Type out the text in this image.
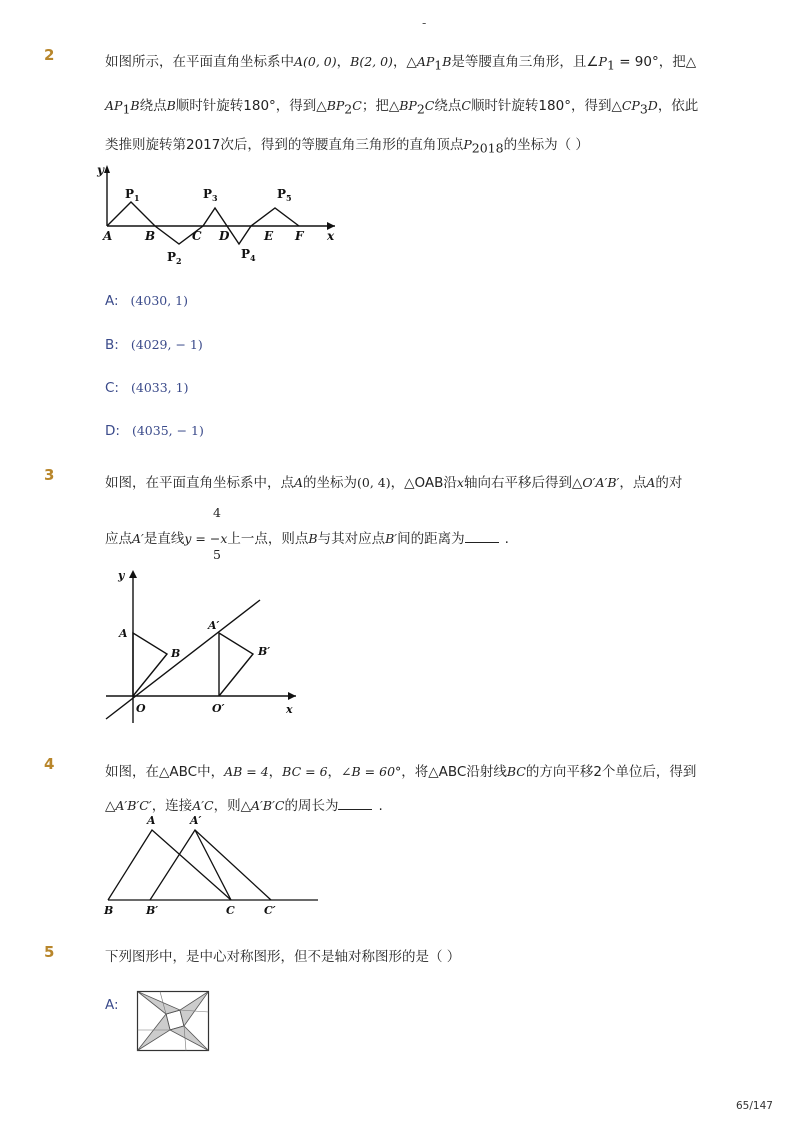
-
2	如图所示，在平面直角坐标系中A(0, 0)，B(2, 0)，$\triangle AP_1B$是等腰直角三角形，且$\angle P_1 = 90^\circ$，把△
$AP_1B$绕点B顺时针旋转180°，得到$\triangle BP_2C$；把$\triangle BP_2C$绕点C顺时针旋转180°，得到$\triangle CP_3D$，依此
类推则旋转第2017次后，得到的等腰直角三角形的直角顶点$P_{2018}$的坐标为（ ）
y
x
A	B	C D	E F
$P_1$
$P_2$
$P_3$
$P_4$
$P_5$
A: (4030, 1)
B: (4029, − 1)
C: (4033, 1)
D: (4035, − 1)
3	如图，在平面直角坐标系中，点A的坐标为(0, 4)，△OAB沿x轴向右平移后得到△O′A′B′，点A的对
4
应点A′是直线y = −x上一点，则点B与其对应点B′间的距离为	.
5
y
x
A
B
O
A′
B′
O′
4	如图，在△ABC中，AB = 4，BC = 6，∠B = 60°，将△ABC沿射线BC的方向平移2个单位后，得到
△A′B′C′，连接A′C，则△A′B′C的周长为	.
A	A′
B	B′	C	C′
5	下列图形中，是中心对称图形，但不是轴对称图形的是（ ）
A:
65/147
